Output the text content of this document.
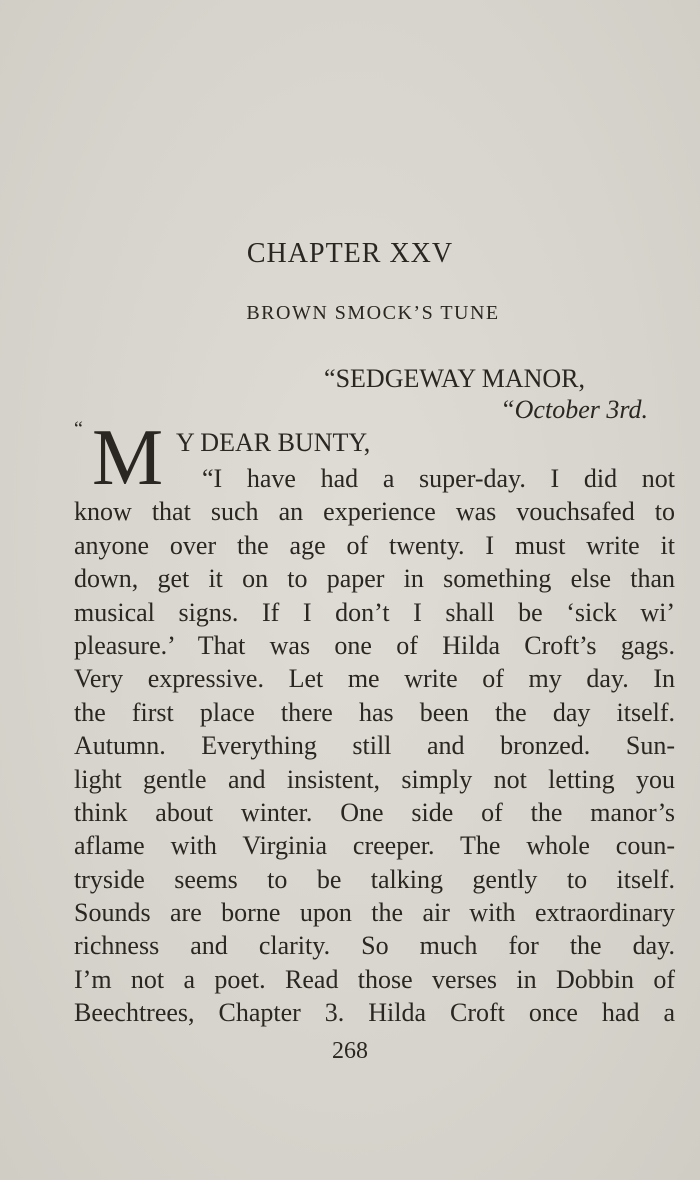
CHAPTER XXV
BROWN SMOCK’S TUNE
“SEDGEWAY MANOR,
“October 3rd.
“ M Y DEAR BUNTY,
“I have had a super-day. I did not
know that such an experience was vouchsafed to
anyone over the age of twenty. I must write it
down, get it on to paper in something else than
musical signs. If I don’t I shall be ‘sick wi’
pleasure.’ That was one of Hilda Croft’s gags.
Very expressive. Let me write of my day. In
the first place there has been the day itself.
Autumn. Everything still and bronzed. Sun-
light gentle and insistent, simply not letting you
think about winter. One side of the manor’s
aflame with Virginia creeper. The whole coun-
tryside seems to be talking gently to itself.
Sounds are borne upon the air with extraordinary
richness and clarity. So much for the day.
I’m not a poet. Read those verses in Dobbin of
Beechtrees, Chapter 3. Hilda Croft once had a
268
